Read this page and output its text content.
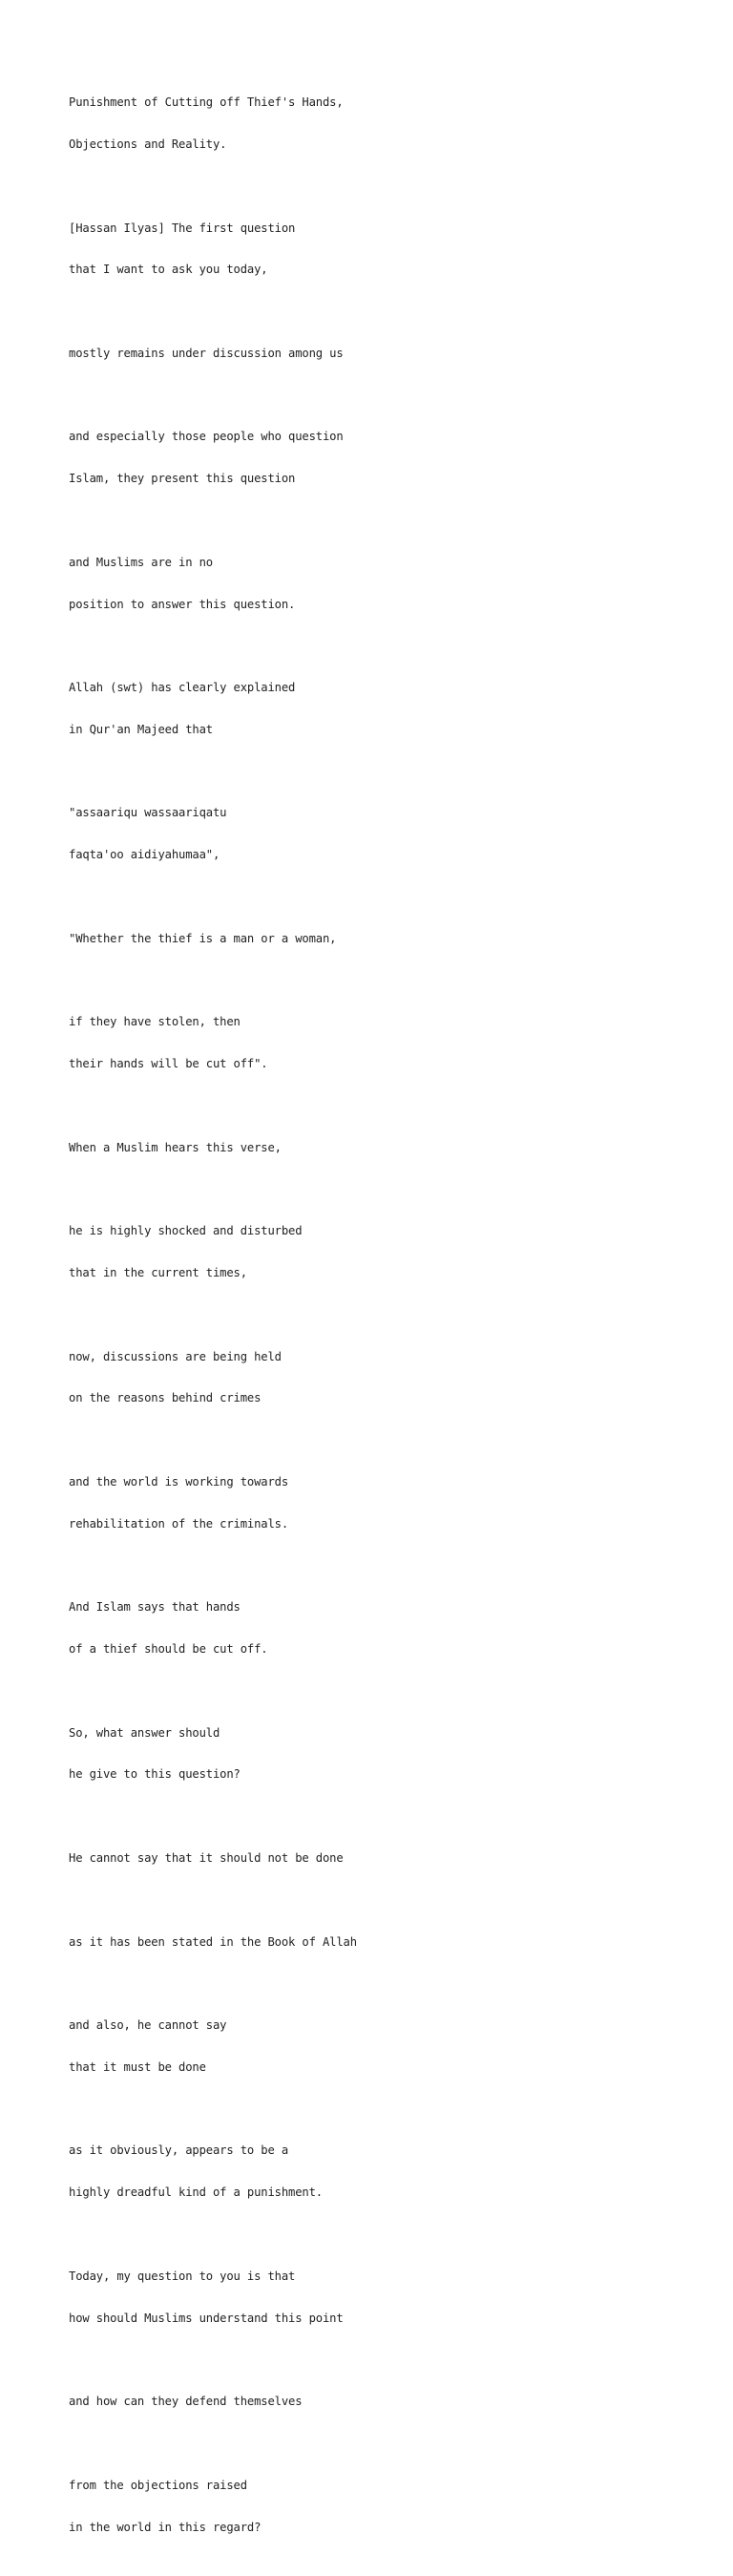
Punishment of Cutting off Thief's Hands,

Objections and Reality.

[Hassan Ilyas] The first question

that I want to ask you today,

mostly remains under discussion among us

and especially those people who question

Islam, they present this question

and Muslims are in no

position to answer this question.

Allah (swt) has clearly explained

in Qur'an Majeed that

"assaariqu wassaariqatu

faqta'oo aidiyahumaa",

"Whether the thief is a man or a woman,

if they have stolen, then

their hands will be cut off".

When a Muslim hears this verse,

he is highly shocked and disturbed

that in the current times,

now, discussions are being held

on the reasons behind crimes

and the world is working towards

rehabilitation of the criminals.

And Islam says that hands

of a thief should be cut off.

So, what answer should

he give to this question?

He cannot say that it should not be done

as it has been stated in the Book of Allah

and also, he cannot say

that it must be done

as it obviously, appears to be a

highly dreadful kind of a punishment.

Today, my question to you is that

how should Muslims understand this point

and how can they defend themselves

from the objections raised

in the world in this regard?
